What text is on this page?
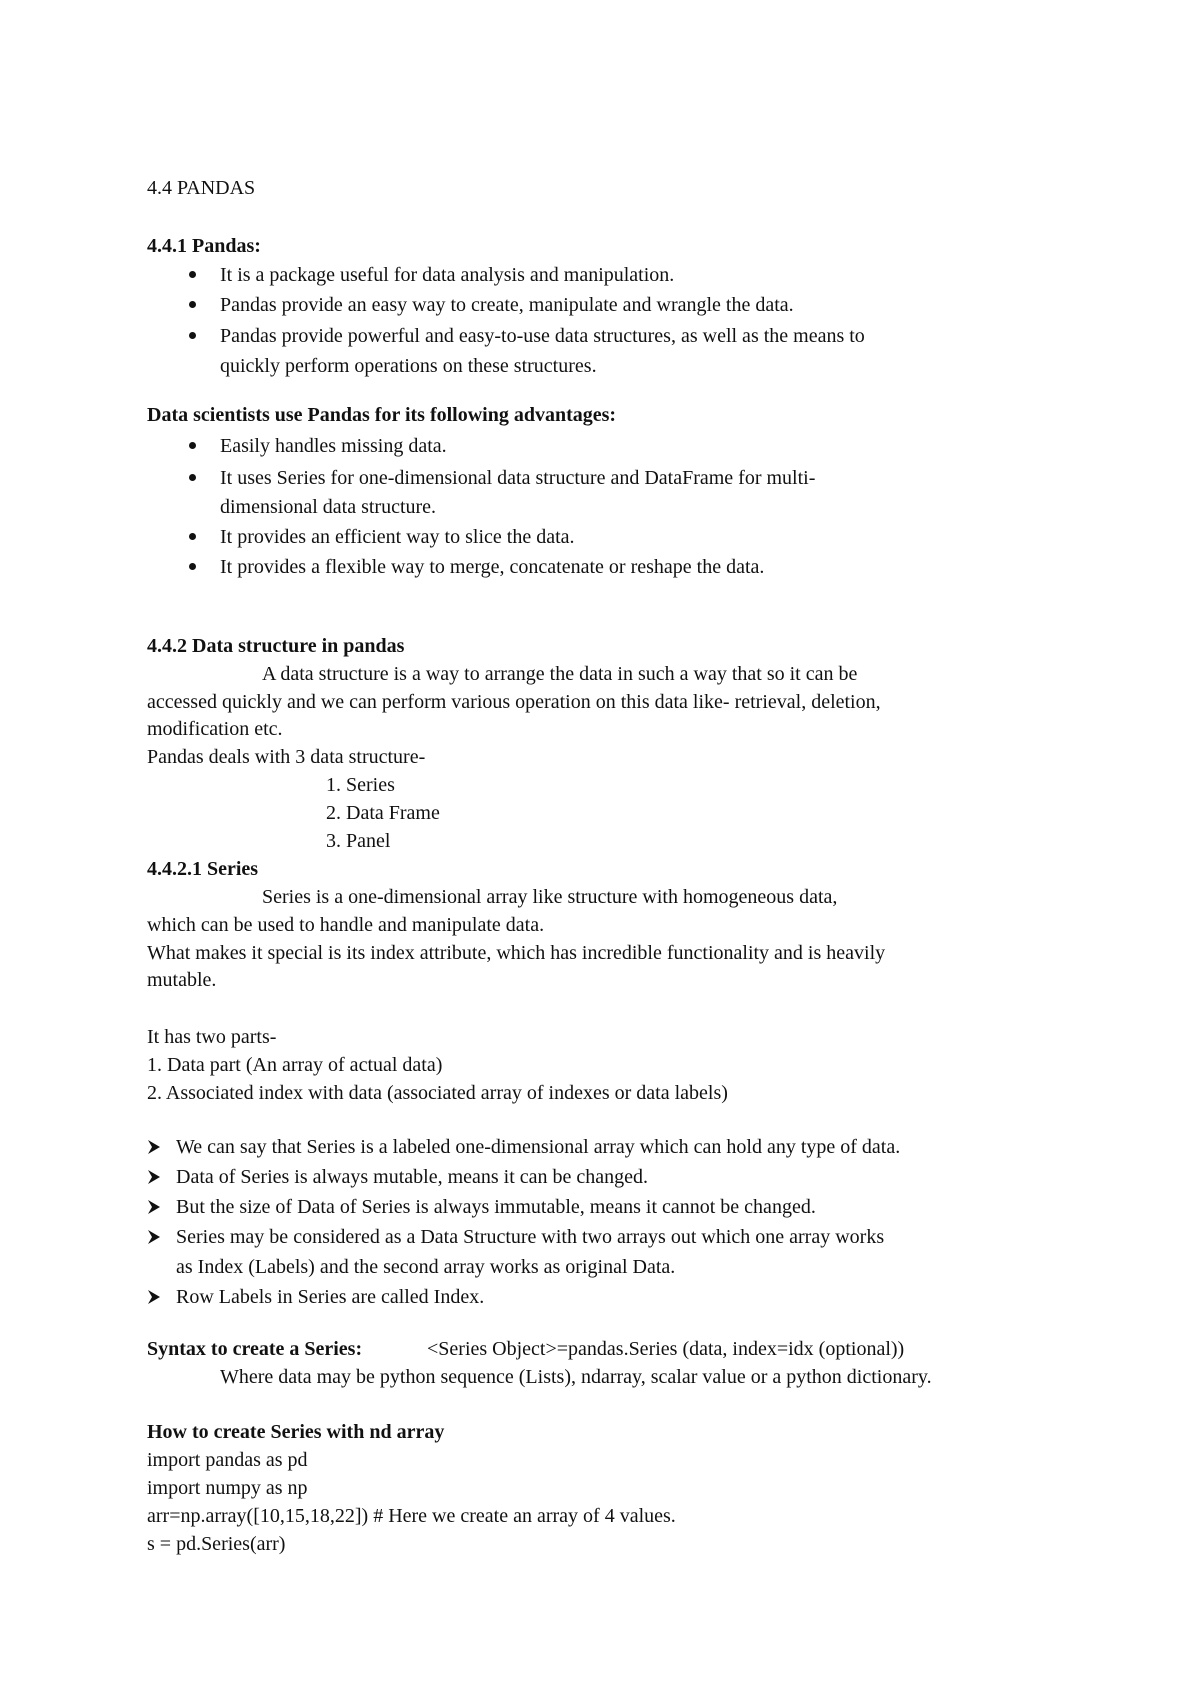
4.4 PANDAS
4.4.1 Pandas:
It is a package useful for data analysis and manipulation.
Pandas provide an easy way to create, manipulate and wrangle the data.
Pandas provide powerful and easy-to-use data structures, as well as the means to
quickly perform operations on these structures.
Data scientists use Pandas for its following advantages:
Easily handles missing data.
It uses Series for one-dimensional data structure and DataFrame for multi-
dimensional data structure.
It provides an efficient way to slice the data.
It provides a flexible way to merge, concatenate or reshape the data.
4.4.2 Data structure in pandas
A data structure is a way to arrange the data in such a way that so it can be
accessed quickly and we can perform various operation on this data like- retrieval, deletion,
modification etc.
Pandas deals with 3 data structure-
1. Series
2. Data Frame
3. Panel
4.4.2.1 Series
Series is a one-dimensional array like structure with homogeneous data,
which can be used to handle and manipulate data.
What makes it special is its index attribute, which has incredible functionality and is heavily
mutable.
It has two parts-
1. Data part (An array of actual data)
2. Associated index with data (associated array of indexes or data labels)
We can say that Series is a labeled one-dimensional array which can hold any type of data.
Data of Series is always mutable, means it can be changed.
But the size of Data of Series is always immutable, means it cannot be changed.
Series may be considered as a Data Structure with two arrays out which one array works
as Index (Labels) and the second array works as original Data.
Row Labels in Series are called Index.
Syntax to create a Series:	<Series Object>=pandas.Series (data, index=idx (optional))
Where data may be python sequence (Lists), ndarray, scalar value or a python dictionary.
How to create Series with nd array
import pandas as pd
import numpy as np
arr=np.array([10,15,18,22]) # Here we create an array of 4 values.
s = pd.Series(arr)
